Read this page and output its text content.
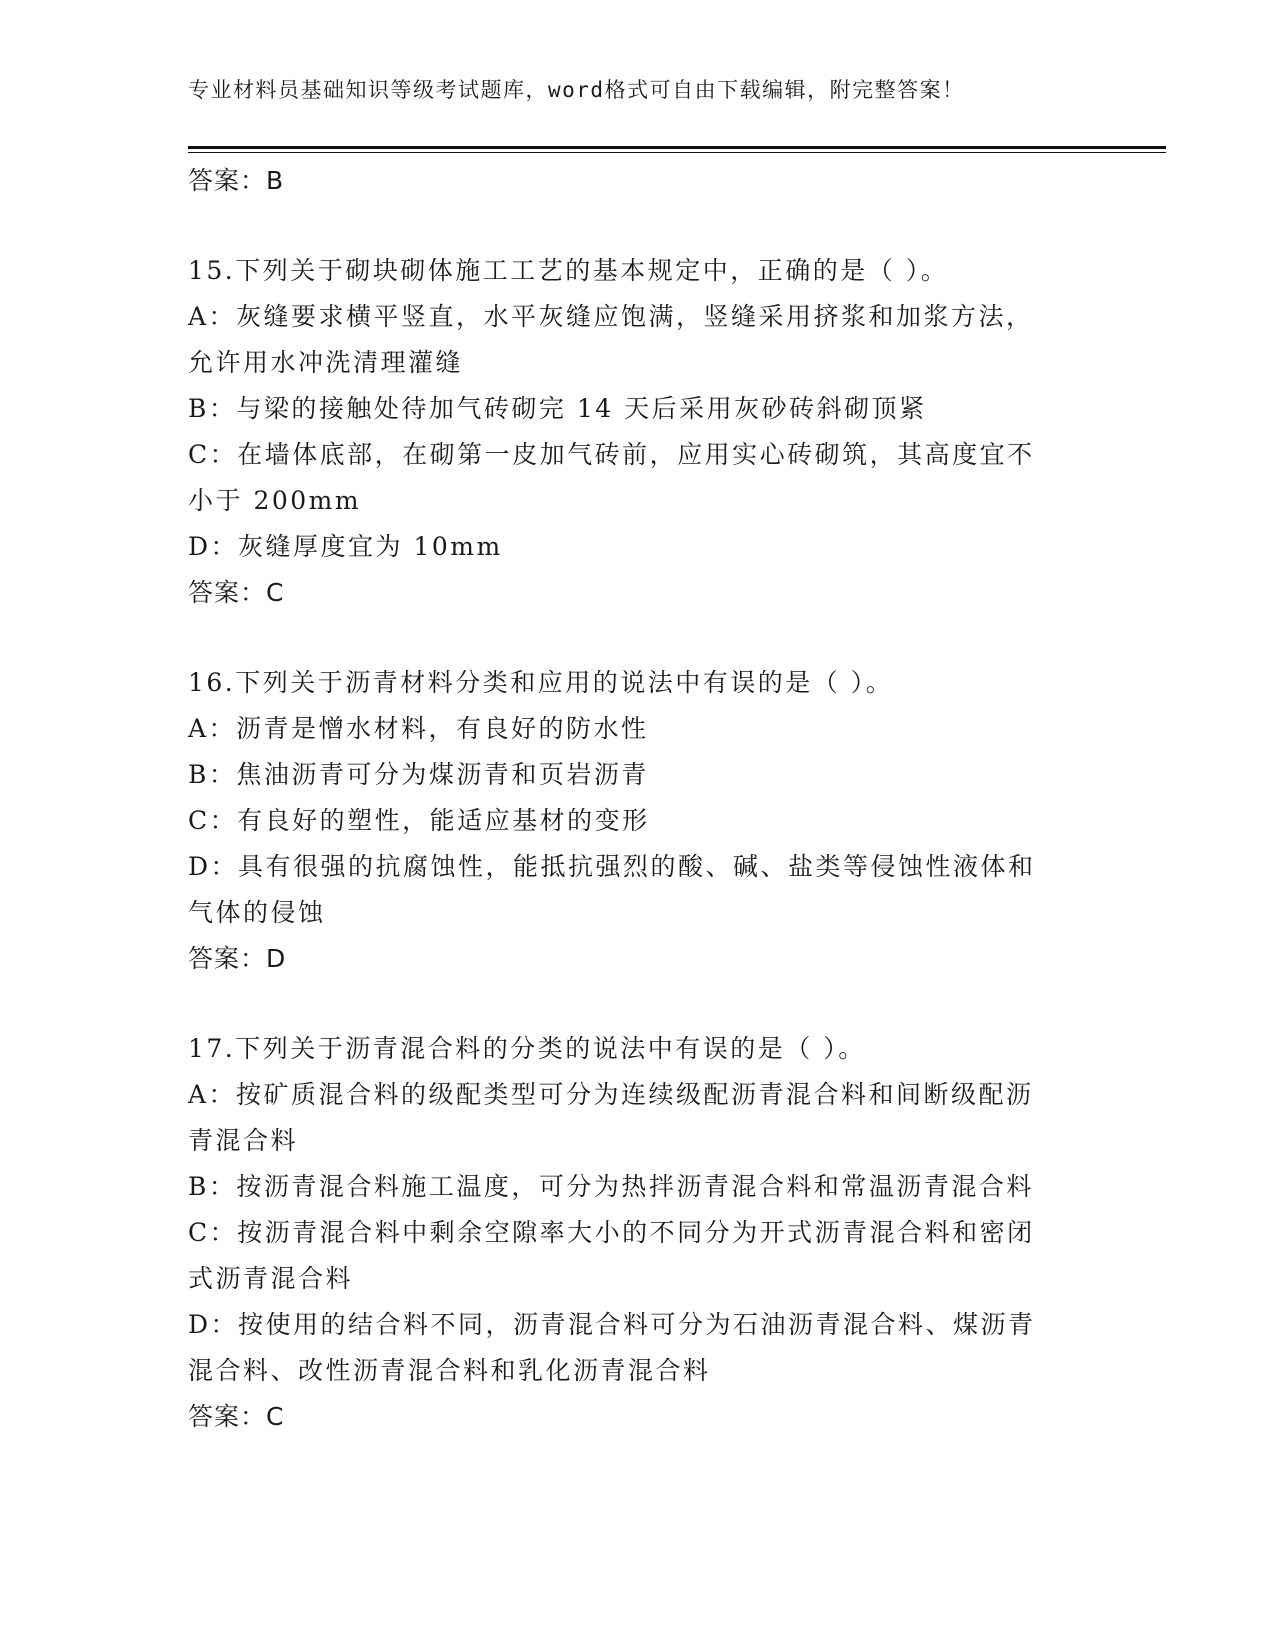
专业材料员基础知识等级考试题库，word格式可自由下载编辑，附完整答案！
答案：B
15.下列关于砌块砌体施工工艺的基本规定中，正确的是（ ）。
A：灰缝要求横平竖直，水平灰缝应饱满，竖缝采用挤浆和加浆方法，
允许用水冲洗清理灌缝
B：与梁的接触处待加气砖砌完 14 天后采用灰砂砖斜砌顶紧
C：在墙体底部，在砌第一皮加气砖前，应用实心砖砌筑，其高度宜不
小于 200mm
D：灰缝厚度宜为 10mm
答案：C
16.下列关于沥青材料分类和应用的说法中有误的是（ ）。
A：沥青是憎水材料，有良好的防水性
B：焦油沥青可分为煤沥青和页岩沥青
C：有良好的塑性，能适应基材的变形
D：具有很强的抗腐蚀性，能抵抗强烈的酸、碱、盐类等侵蚀性液体和
气体的侵蚀
答案：D
17.下列关于沥青混合料的分类的说法中有误的是（ ）。
A：按矿质混合料的级配类型可分为连续级配沥青混合料和间断级配沥
青混合料
B：按沥青混合料施工温度，可分为热拌沥青混合料和常温沥青混合料
C：按沥青混合料中剩余空隙率大小的不同分为开式沥青混合料和密闭
式沥青混合料
D：按使用的结合料不同，沥青混合料可分为石油沥青混合料、煤沥青
混合料、改性沥青混合料和乳化沥青混合料
答案：C
